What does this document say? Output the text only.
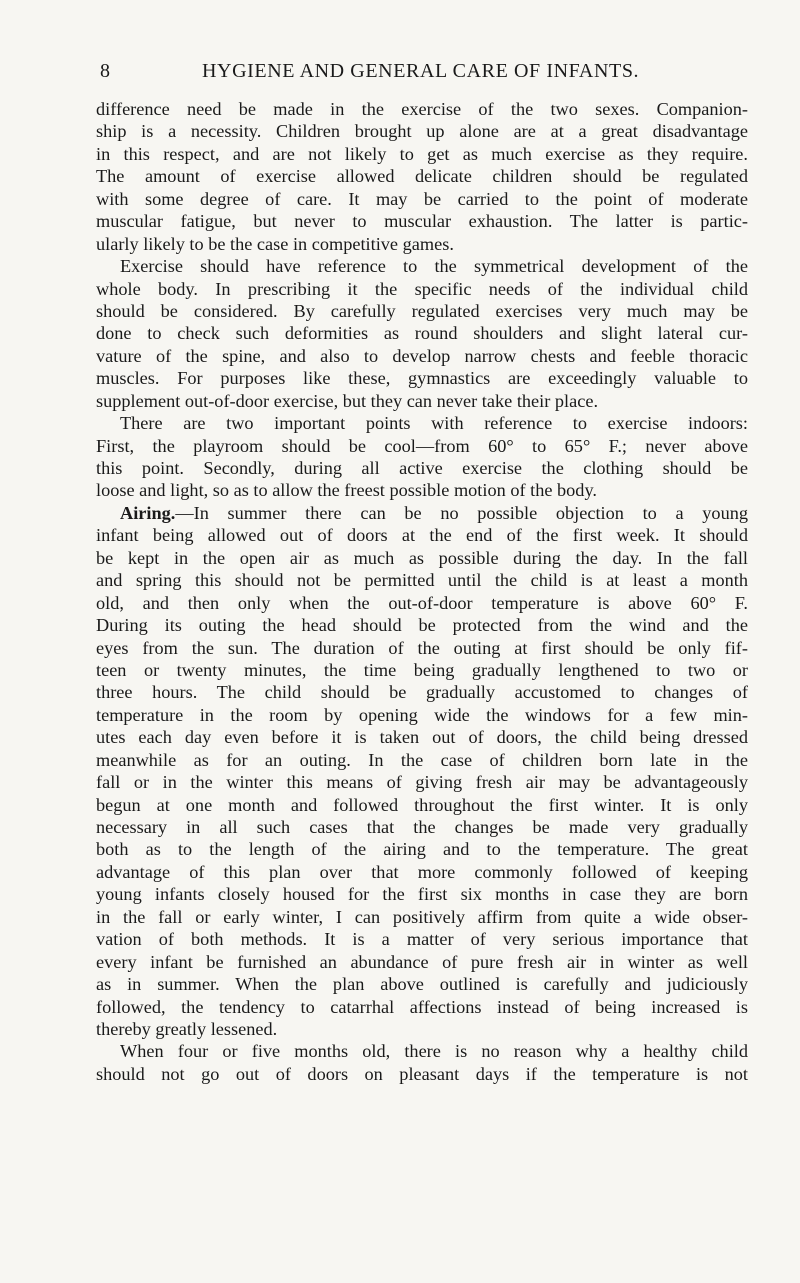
8	HYGIENE AND GENERAL CARE OF INFANTS.
difference need be made in the exercise of the two sexes. Companion-
ship is a necessity. Children brought up alone are at a great disadvantage
in this respect, and are not likely to get as much exercise as they require.
The amount of exercise allowed delicate children should be regulated
with some degree of care. It may be carried to the point of moderate
muscular fatigue, but never to muscular exhaustion. The latter is partic-
ularly likely to be the case in competitive games.
Exercise should have reference to the symmetrical development of the
whole body. In prescribing it the specific needs of the individual child
should be considered. By carefully regulated exercises very much may be
done to check such deformities as round shoulders and slight lateral cur-
vature of the spine, and also to develop narrow chests and feeble thoracic
muscles. For purposes like these, gymnastics are exceedingly valuable to
supplement out-of-door exercise, but they can never take their place.
There are two important points with reference to exercise indoors:
First, the playroom should be cool—from 60° to 65° F.; never above
this point. Secondly, during all active exercise the clothing should be
loose and light, so as to allow the freest possible motion of the body.
Airing.—In summer there can be no possible objection to a young
infant being allowed out of doors at the end of the first week. It should
be kept in the open air as much as possible during the day. In the fall
and spring this should not be permitted until the child is at least a month
old, and then only when the out-of-door temperature is above 60° F.
During its outing the head should be protected from the wind and the
eyes from the sun. The duration of the outing at first should be only fif-
teen or twenty minutes, the time being gradually lengthened to two or
three hours. The child should be gradually accustomed to changes of
temperature in the room by opening wide the windows for a few min-
utes each day even before it is taken out of doors, the child being dressed
meanwhile as for an outing. In the case of children born late in the
fall or in the winter this means of giving fresh air may be advantageously
begun at one month and followed throughout the first winter. It is only
necessary in all such cases that the changes be made very gradually
both as to the length of the airing and to the temperature. The great
advantage of this plan over that more commonly followed of keeping
young infants closely housed for the first six months in case they are born
in the fall or early winter, I can positively affirm from quite a wide obser-
vation of both methods. It is a matter of very serious importance that
every infant be furnished an abundance of pure fresh air in winter as well
as in summer. When the plan above outlined is carefully and judiciously
followed, the tendency to catarrhal affections instead of being increased is
thereby greatly lessened.
When four or five months old, there is no reason why a healthy child
should not go out of doors on pleasant days if the temperature is not
